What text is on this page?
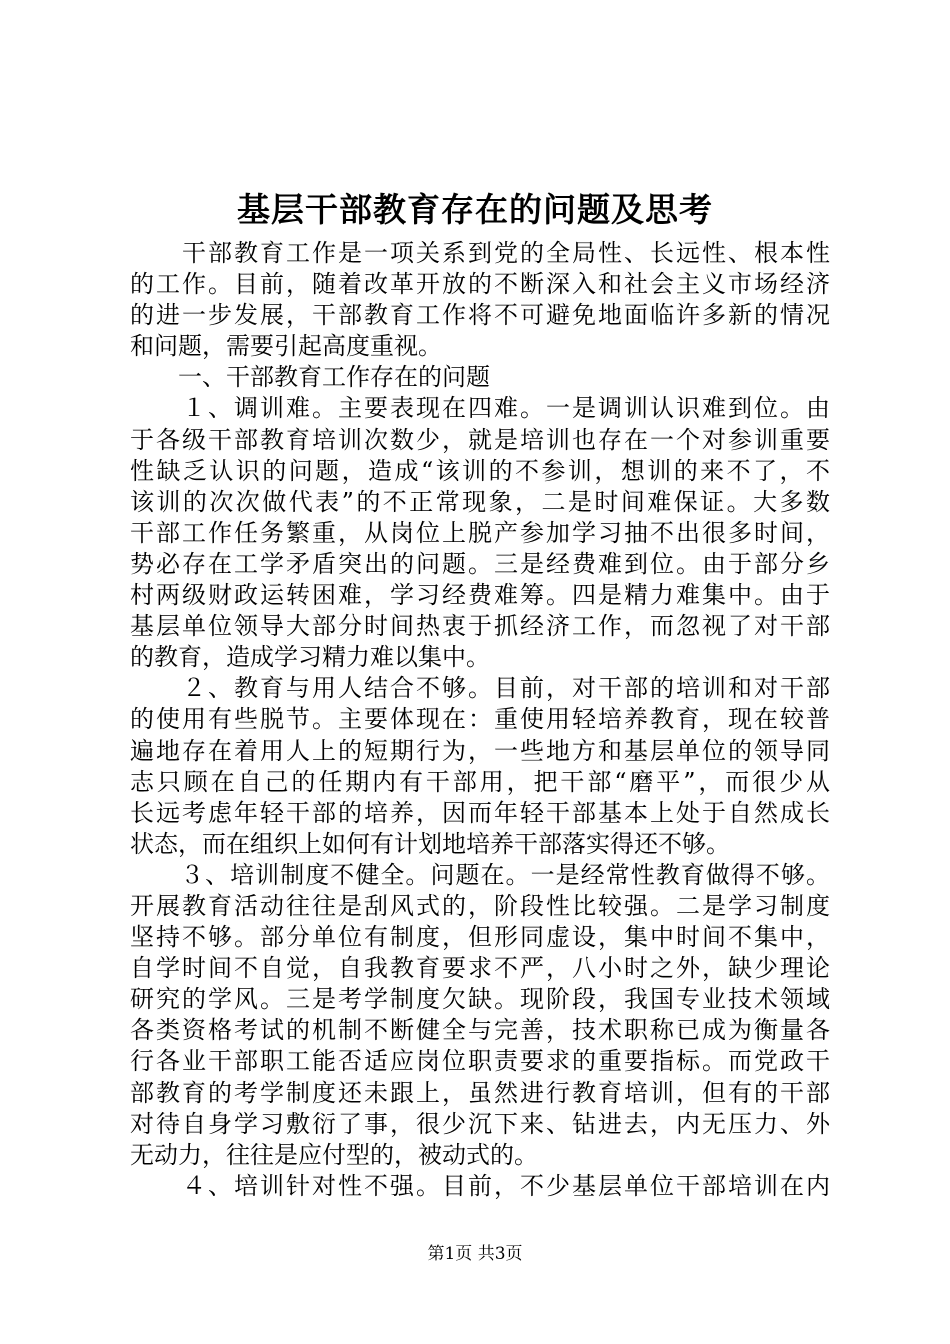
基层干部教育存在的问题及思考
　　干部教育工作是一项关系到党的全局性、长远性、根本性
的工作。目前，随着改革开放的不断深入和社会主义市场经济
的进一步发展，干部教育工作将不可避免地面临许多新的情况
和问题，需要引起高度重视。
　　一、干部教育工作存在的问题
　　１、调训难。主要表现在四难。一是调训认识难到位。由
于各级干部教育培训次数少，就是培训也存在一个对参训重要
性缺乏认识的问题，造成“该训的不参训，想训的来不了，不
该训的次次做代表”的不正常现象，二是时间难保证。大多数
干部工作任务繁重，从岗位上脱产参加学习抽不出很多时间，
势必存在工学矛盾突出的问题。三是经费难到位。由于部分乡
村两级财政运转困难，学习经费难筹。四是精力难集中。由于
基层单位领导大部分时间热衷于抓经济工作，而忽视了对干部
的教育，造成学习精力难以集中。
　　２、教育与用人结合不够。目前，对干部的培训和对干部
的使用有些脱节。主要体现在：重使用轻培养教育，现在较普
遍地存在着用人上的短期行为，一些地方和基层单位的领导同
志只顾在自己的任期内有干部用，把干部“磨平”，而很少从
长远考虑年轻干部的培养，因而年轻干部基本上处于自然成长
状态，而在组织上如何有计划地培养干部落实得还不够。
　　３、培训制度不健全。问题在。一是经常性教育做得不够。
开展教育活动往往是刮风式的，阶段性比较强。二是学习制度
坚持不够。部分单位有制度，但形同虚设，集中时间不集中，
自学时间不自觉，自我教育要求不严，八小时之外，缺少理论
研究的学风。三是考学制度欠缺。现阶段，我国专业技术领域
各类资格考试的机制不断健全与完善，技术职称已成为衡量各
行各业干部职工能否适应岗位职责要求的重要指标。而党政干
部教育的考学制度还未跟上，虽然进行教育培训，但有的干部
对待自身学习敷衍了事，很少沉下来、钻进去，内无压力、外
无动力，往往是应付型的，被动式的。
　　４、培训针对性不强。目前，不少基层单位干部培训在内
第1页 共3页
